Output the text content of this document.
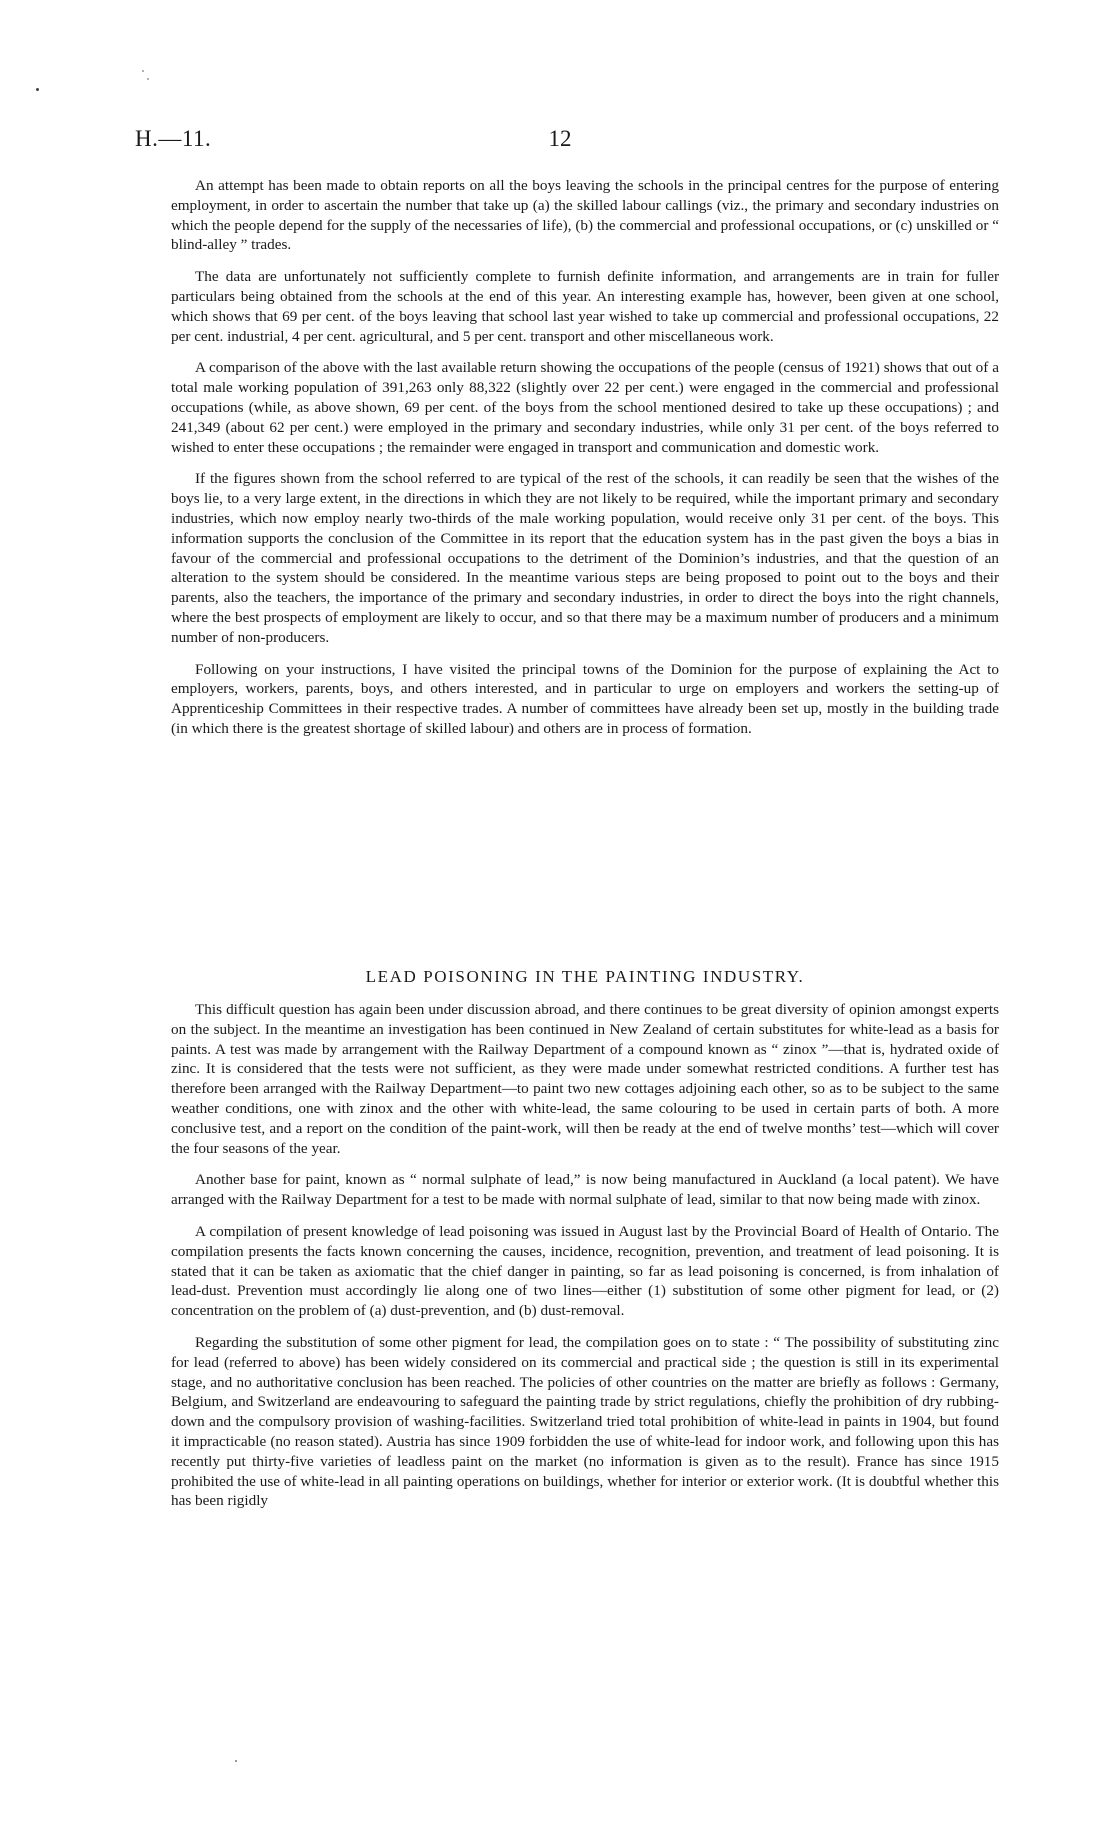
H.—11.	12

An attempt has been made to obtain reports on all the boys leaving the schools in the principal centres for the purpose of entering employment, in order to ascertain the number that take up (a) the skilled labour callings (viz., the primary and secondary industries on which the people depend for the supply of the necessaries of life), (b) the commercial and professional occupations, or (c) unskilled or “ blind-alley ” trades.

The data are unfortunately not sufficiently complete to furnish definite information, and arrangements are in train for fuller particulars being obtained from the schools at the end of this year. An interesting example has, however, been given at one school, which shows that 69 per cent. of the boys leaving that school last year wished to take up commercial and professional occupations, 22 per cent. industrial, 4 per cent. agricultural, and 5 per cent. transport and other miscellaneous work.

A comparison of the above with the last available return showing the occupations of the people (census of 1921) shows that out of a total male working population of 391,263 only 88,322 (slightly over 22 per cent.) were engaged in the commercial and professional occupations (while, as above shown, 69 per cent. of the boys from the school mentioned desired to take up these occupations) ; and 241,349 (about 62 per cent.) were employed in the primary and secondary industries, while only 31 per cent. of the boys referred to wished to enter these occupations ; the remainder were engaged in transport and communication and domestic work.

If the figures shown from the school referred to are typical of the rest of the schools, it can readily be seen that the wishes of the boys lie, to a very large extent, in the directions in which they are not likely to be required, while the important primary and secondary industries, which now employ nearly two-thirds of the male working population, would receive only 31 per cent. of the boys. This information supports the conclusion of the Committee in its report that the education system has in the past given the boys a bias in favour of the commercial and professional occupations to the detriment of the Dominion’s industries, and that the question of an alteration to the system should be considered. In the meantime various steps are being proposed to point out to the boys and their parents, also the teachers, the importance of the primary and secondary industries, in order to direct the boys into the right channels, where the best prospects of employment are likely to occur, and so that there may be a maximum number of producers and a minimum number of non-producers.

Following on your instructions, I have visited the principal towns of the Dominion for the purpose of explaining the Act to employers, workers, parents, boys, and others interested, and in particular to urge on employers and workers the setting-up of Apprenticeship Committees in their respective trades. A number of committees have already been set up, mostly in the building trade (in which there is the greatest shortage of skilled labour) and others are in process of formation.

LEAD POISONING IN THE PAINTING INDUSTRY.

This difficult question has again been under discussion abroad, and there continues to be great diversity of opinion amongst experts on the subject. In the meantime an investigation has been continued in New Zealand of certain substitutes for white-lead as a basis for paints. A test was made by arrangement with the Railway Department of a compound known as “ zinox ”—that is, hydrated oxide of zinc. It is considered that the tests were not sufficient, as they were made under somewhat restricted conditions. A further test has therefore been arranged with the Railway Department—to paint two new cottages adjoining each other, so as to be subject to the same weather conditions, one with zinox and the other with white-lead, the same colouring to be used in certain parts of both. A more conclusive test, and a report on the condition of the paint-work, will then be ready at the end of twelve months’ test—which will cover the four seasons of the year.

Another base for paint, known as “ normal sulphate of lead,” is now being manufactured in Auckland (a local patent). We have arranged with the Railway Department for a test to be made with normal sulphate of lead, similar to that now being made with zinox.

A compilation of present knowledge of lead poisoning was issued in August last by the Provincial Board of Health of Ontario. The compilation presents the facts known concerning the causes, incidence, recognition, prevention, and treatment of lead poisoning. It is stated that it can be taken as axiomatic that the chief danger in painting, so far as lead poisoning is concerned, is from inhalation of lead-dust. Prevention must accordingly lie along one of two lines—either (1) substitution of some other pigment for lead, or (2) concentration on the problem of (a) dust-prevention, and (b) dust-removal.

Regarding the substitution of some other pigment for lead, the compilation goes on to state : “ The possibility of substituting zinc for lead (referred to above) has been widely considered on its commercial and practical side ; the question is still in its experimental stage, and no authoritative conclusion has been reached. The policies of other countries on the matter are briefly as follows : Germany, Belgium, and Switzerland are endeavouring to safeguard the painting trade by strict regulations, chiefly the prohibition of dry rubbing-down and the compulsory provision of washing-facilities. Switzerland tried total prohibition of white-lead in paints in 1904, but found it impracticable (no reason stated). Austria has since 1909 forbidden the use of white-lead for indoor work, and following upon this has recently put thirty-five varieties of leadless paint on the market (no information is given as to the result). France has since 1915 prohibited the use of white-lead in all painting operations on buildings, whether for interior or exterior work. (It is doubtful whether this has been rigidly
